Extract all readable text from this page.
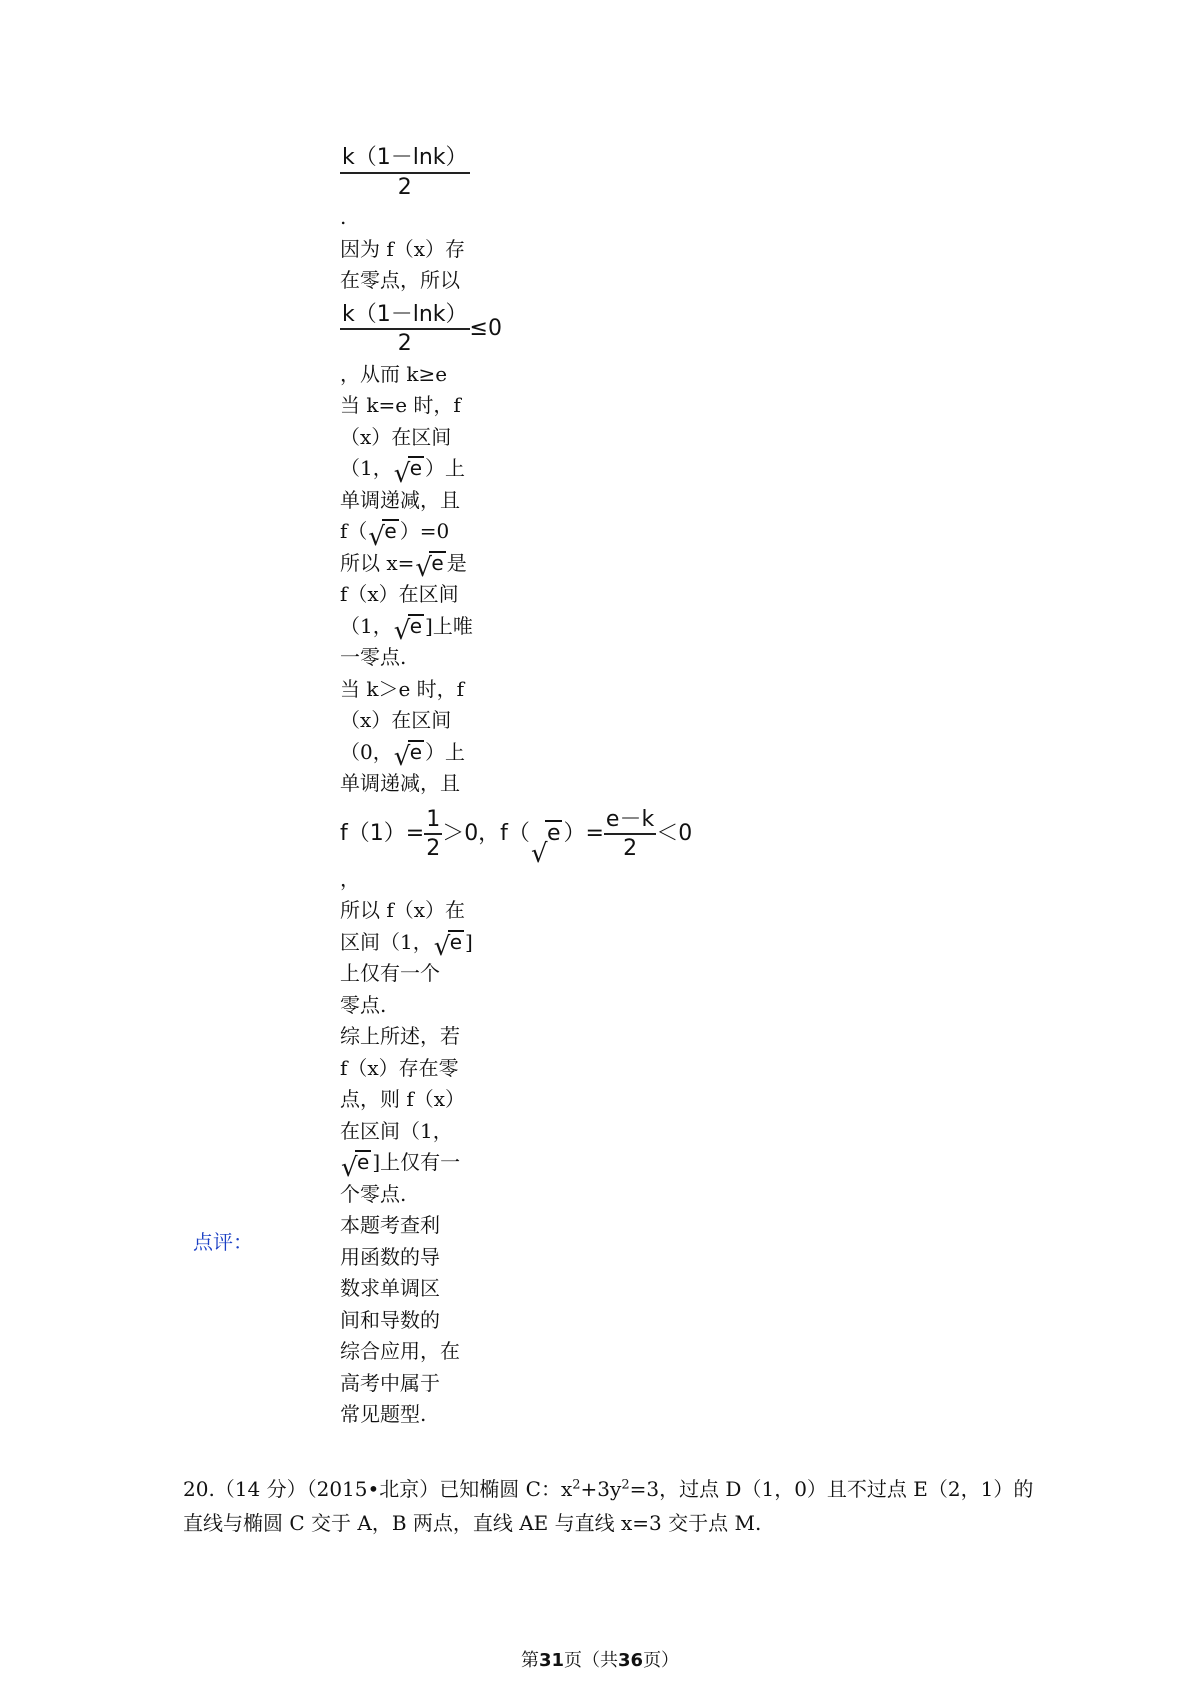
$\frac{k(1-\ln k)}{2}$
.
因为 f（x）存
在零点，所以
$\frac{k(1-\ln k)}{2} \le 0$
，从而 k≥e
当 k=e 时，f
（x）在区间
（1， √ e ）上
单调递减，且
f（ √ e ）=0
所以 x= √ e 是
f（x）在区间
（1， √ e ]上唯
一零点.
当 k＞e 时，f
（x）在区间
（0， √ e ）上
单调递减，且
$f(1)= \frac{1}{2} >0$，f（
√
e ）= $\frac{e-k}{2} <0$
，
所以 f（x）在
区间（1， √ e ]
上仅有一个
零点.
综上所述，若
f（x）存在零
点，则 f（x）
在区间（1，
√ e ]上仅有一
个零点.
本题考查利
用函数的导
数求单调区
间和导数的
综合应用，在
高考中属于
常见题型.
点评：
20.（14 分）（2015•北京）已知椭圆 C：$x^2+3y^2=3$，过点 D（1，0）且不过点 E（2，1）的
直线与椭圆 C 交于 A，B 两点，直线 AE 与直线 x=3 交于点 M.
第31页（共36页）
